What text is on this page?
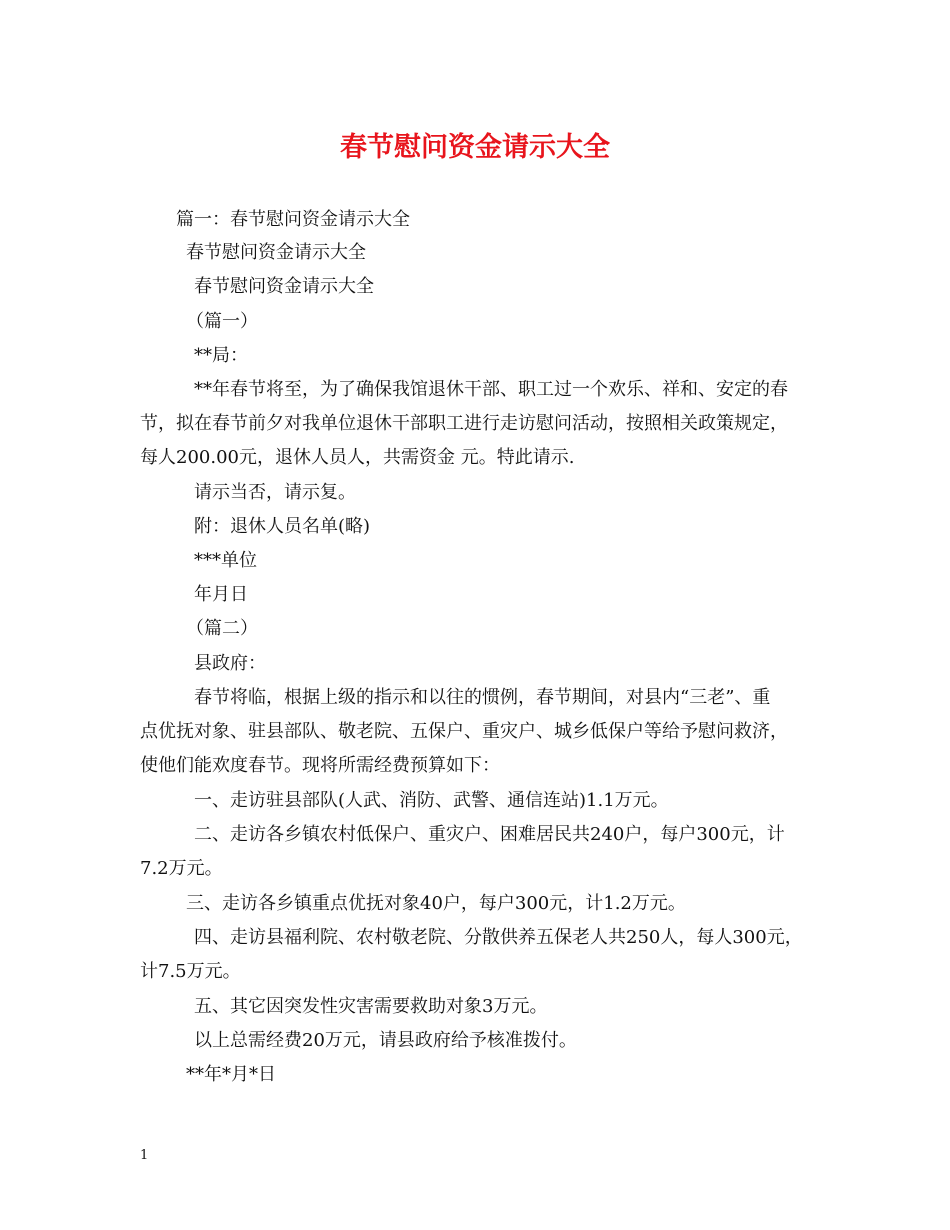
春节慰问资金请示大全

篇一：春节慰问资金请示大全

春节慰问资金请示大全

春节慰问资金请示大全

（篇一）

**局：

**年春节将至，为了确保我馆退休干部、职工过一个欢乐、祥和、安定的春

节，拟在春节前夕对我单位退休干部职工进行走访慰问活动，按照相关政策规定，

每人200.00元，退休人员人，共需资金 元。特此请示.

请示当否，请示复。

附：退休人员名单(略)

***单位

年月日

（篇二）

县政府：

春节将临，根据上级的指示和以往的惯例，春节期间，对县内“三老”、重

点优抚对象、驻县部队、敬老院、五保户、重灾户、城乡低保户等给予慰问救济，

使他们能欢度春节。现将所需经费预算如下：

一、走访驻县部队(人武、消防、武警、通信连站)1.1万元。

二、走访各乡镇农村低保户、重灾户、困难居民共240户，每户300元，计

7.2万元。

三、走访各乡镇重点优抚对象40户，每户300元，计1.2万元。

四、走访县福利院、农村敬老院、分散供养五保老人共250人，每人300元，

计7.5万元。

五、其它因突发性灾害需要救助对象3万元。

以上总需经费20万元，请县政府给予核准拨付。

**年*月*日

1
